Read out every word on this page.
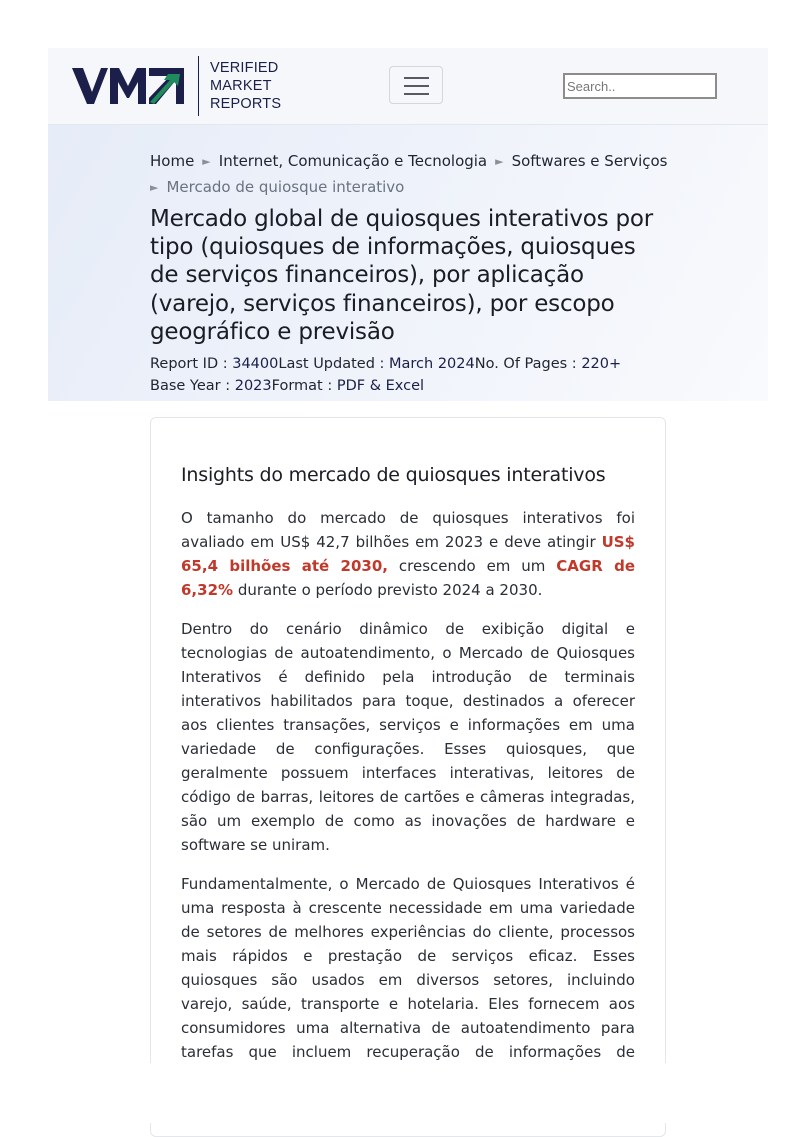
VERIFIED
MARKET
REPORTS
Search..
Home ► Internet, Comunicação e Tecnologia ► Softwares e Serviços
► Mercado de quiosque interativo
Mercado global de quiosques interativos por tipo (quiosques de informações, quiosques de serviços financeiros), por aplicação (varejo, serviços financeiros), por escopo geográfico e previsão
Report ID : 34400Last Updated : March 2024No. Of Pages : 220+
Base Year : 2023Format : PDF & Excel
Insights do mercado de quiosques interativos

O tamanho do mercado de quiosques interativos foi avaliado em US$ 42,7 bilhões em 2023 e deve atingir US$ 65,4 bilhões até 2030, crescendo em um CAGR de 6,32% durante o período previsto 2024 a 2030.

Dentro do cenário dinâmico de exibição digital e tecnologias de autoatendimento, o Mercado de Quiosques Interativos é definido pela introdução de terminais interativos habilitados para toque, destinados a oferecer aos clientes transações, serviços e informações em uma variedade de configurações. Esses quiosques, que geralmente possuem interfaces interativas, leitores de código de barras, leitores de cartões e câmeras integradas, são um exemplo de como as inovações de hardware e software se uniram.

Fundamentalmente, o Mercado de Quiosques Interativos é uma resposta à crescente necessidade em uma variedade de setores de melhores experiências do cliente, processos mais rápidos e prestação de serviços eficaz. Esses quiosques são usados em diversos setores, incluindo varejo, saúde, transporte e hotelaria. Eles fornecem aos consumidores uma alternativa de autoatendimento para tarefas que incluem recuperação de informações de
